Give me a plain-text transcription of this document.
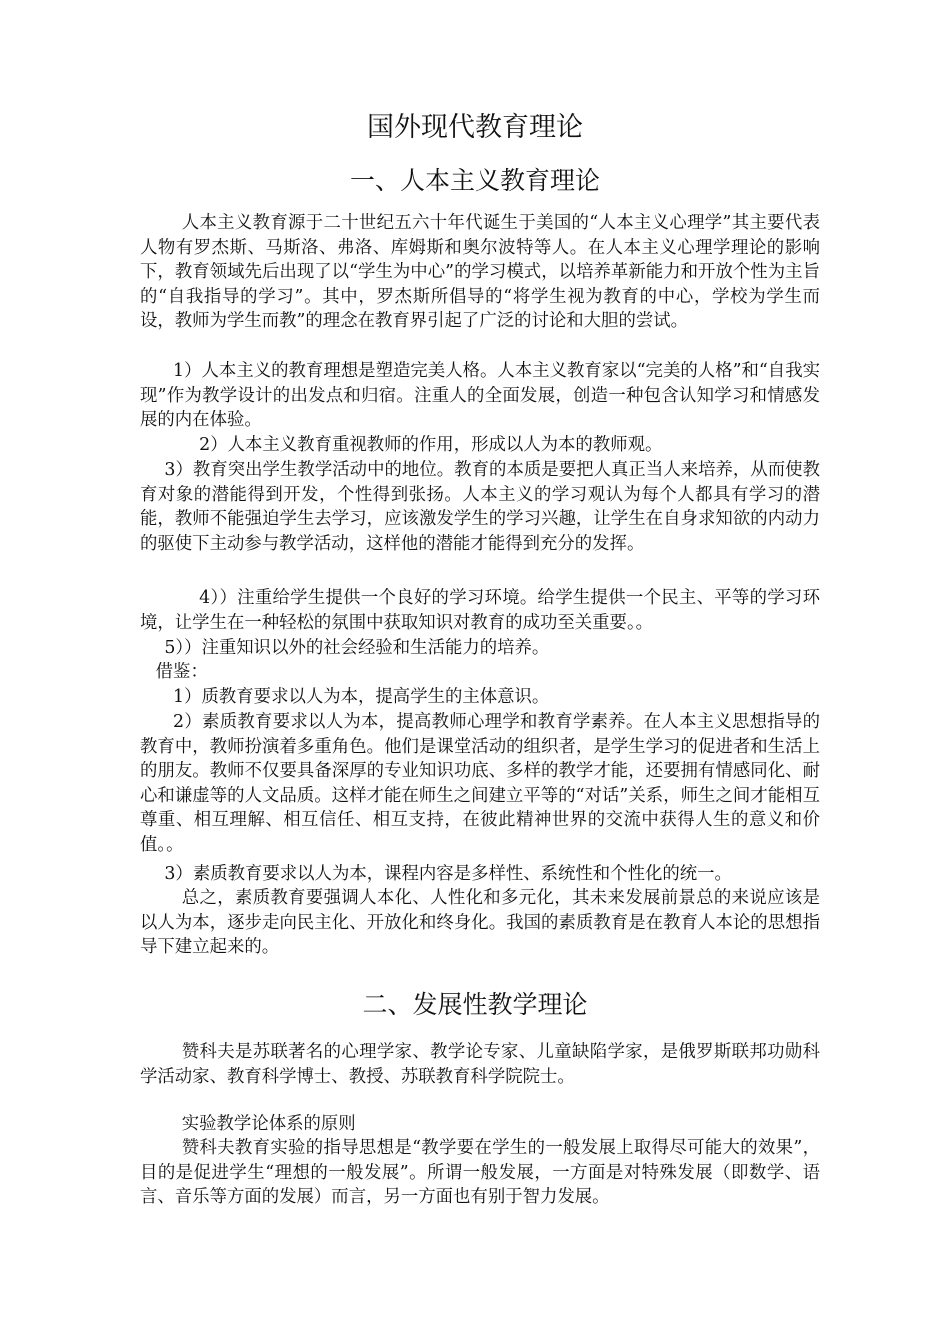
国外现代教育理论
一、人本主义教育理论

人本主义教育源于二十世纪五六十年代诞生于美国的“人本主义心理学”其主要代表人物有罗杰斯、马斯洛、弗洛、库姆斯和奥尔波特等人。在人本主义心理学理论的影响下，教育领域先后出现了以“学生为中心”的学习模式，以培养革新能力和开放个性为主旨的“自我指导的学习”。其中，罗杰斯所倡导的“将学生视为教育的中心，学校为学生而设，教师为学生而教”的理念在教育界引起了广泛的讨论和大胆的尝试。

1）人本主义的教育理想是塑造完美人格。人本主义教育家以“完美的人格”和“自我实现”作为教学设计的出发点和归宿。注重人的全面发展，创造一种包含认知学习和情感发展的内在体验。

2）人本主义教育重视教师的作用，形成以人为本的教师观。

3）教育突出学生教学活动中的地位。教育的本质是要把人真正当人来培养，从而使教育对象的潜能得到开发，个性得到张扬。人本主义的学习观认为每个人都具有学习的潜能，教师不能强迫学生去学习，应该激发学生的学习兴趣，让学生在自身求知欲的内动力的驱使下主动参与教学活动，这样他的潜能才能得到充分的发挥。

4））注重给学生提供一个良好的学习环境。给学生提供一个民主、平等的学习环境，让学生在一种轻松的氛围中获取知识对教育的成功至关重要。。

5））注重知识以外的社会经验和生活能力的培养。

借鉴：

1）质教育要求以人为本，提高学生的主体意识。

2）素质教育要求以人为本，提高教师心理学和教育学素养。在人本主义思想指导的教育中，教师扮演着多重角色。他们是课堂活动的组织者，是学生学习的促进者和生活上的朋友。教师不仅要具备深厚的专业知识功底、多样的教学才能，还要拥有情感同化、耐心和谦虚等的人文品质。这样才能在师生之间建立平等的“对话”关系，师生之间才能相互尊重、相互理解、相互信任、相互支持，在彼此精神世界的交流中获得人生的意义和价值。。

3）素质教育要求以人为本，课程内容是多样性、系统性和个性化的统一。

总之，素质教育要强调人本化、人性化和多元化，其未来发展前景总的来说应该是以人为本，逐步走向民主化、开放化和终身化。我国的素质教育是在教育人本论的思想指导下建立起来的。

二、发展性教学理论

赞科夫是苏联著名的心理学家、教学论专家、儿童缺陷学家，是俄罗斯联邦功勋科学活动家、教育科学博士、教授、苏联教育科学院院士。

实验教学论体系的原则

赞科夫教育实验的指导思想是“教学要在学生的一般发展上取得尽可能大的效果”，目的是促进学生“理想的一般发展”。所谓一般发展，一方面是对特殊发展（即数学、语言、音乐等方面的发展）而言，另一方面也有别于智力发展。
